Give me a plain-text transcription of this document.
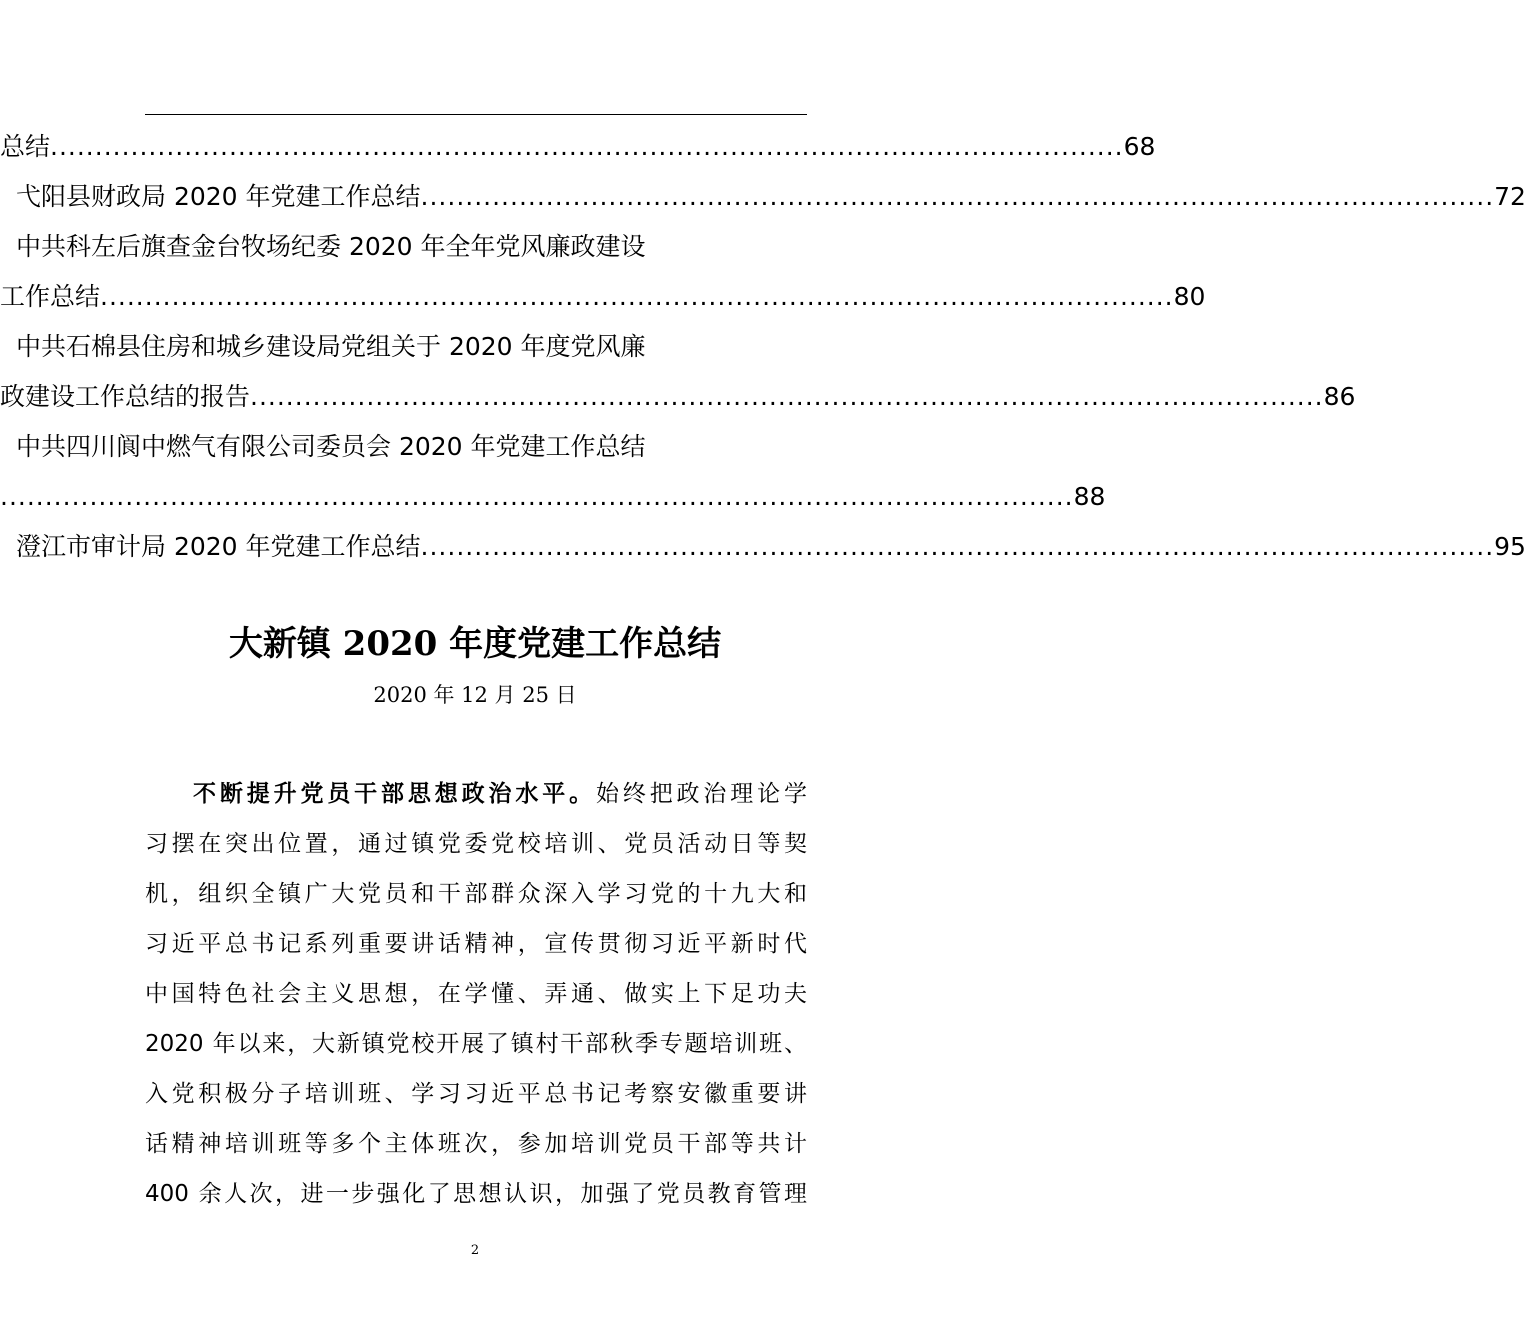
总结 ........................................................................................................................ 68
弋阳县财政局 2020 年党建工作总结 ........................................................................................................................ 72
中共科左后旗查金台牧场纪委 2020 年全年党风廉政建设
工作总结 ........................................................................................................................ 80
中共石棉县住房和城乡建设局党组关于 2020 年度党风廉
政建设工作总结的报告 ........................................................................................................................ 86
中共四川阆中燃气有限公司委员会 2020 年党建工作总结
........................................................................................................................ 88
澄江市审计局 2020 年党建工作总结 ........................................................................................................................ 95
大新镇 2020 年度党建工作总结
2020 年 12 月 25 日
不断提升党员干部思想政治水平。始终把政治理论学
习摆在突出位置，通过镇党委党校培训、党员活动日等契
机，组织全镇广大党员和干部群众深入学习党的十九大和
习近平总书记系列重要讲话精神，宣传贯彻习近平新时代
中国特色社会主义思想，在学懂、弄通、做实上下足功夫
2020 年以来，大新镇党校开展了镇村干部秋季专题培训班、
入党积极分子培训班、学习习近平总书记考察安徽重要讲
话精神培训班等多个主体班次，参加培训党员干部等共计
400 余人次，进一步强化了思想认识，加强了党员教育管理
2
